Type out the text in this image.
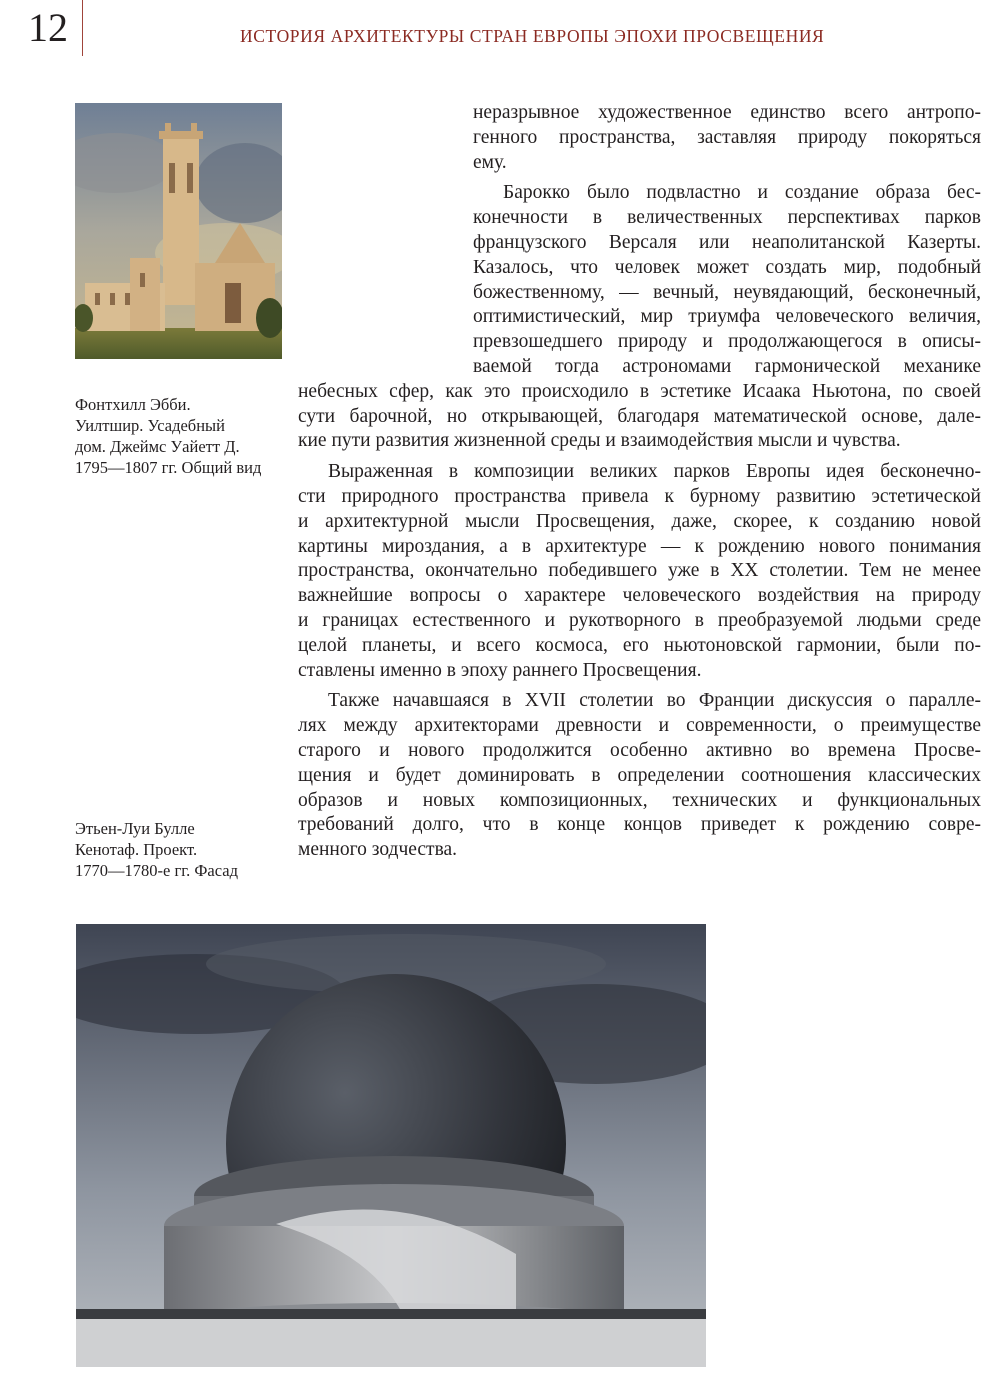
12	ИСТОРИЯ АРХИТЕКТУРЫ СТРАН ЕВРОПЫ ЭПОХИ ПРОСВЕЩЕНИЯ
Фонтхилл Эбби.
Уилтшир. Усадебный
дом. Джеймс Уайетт Д.
1795—1807 гг. Общий вид
Этьен-Луи Булле
Кенотаф. Проект.
1770—1780-е гг. Фасад

неразрывное художественное единство всего антропо-
генного пространства, заставляя природу покоряться
ему.

Барокко было подвластно и создание образа бес-
конечности в величественных перспективах парков
французского Версаля или неаполитанской Казерты.
Казалось, что человек может создать мир, подобный
божественному, — вечный, неувядающий, бесконечный,
оптимистический, мир триумфа человеческого величия,
превзошедшего природу и продолжающегося в описы-
ваемой тогда астрономами гармонической механике
небесных сфер, как это происходило в эстетике Исаака Ньютона, по своей
сути барочной, но открывающей, благодаря математической основе, дале-
кие пути развития жизненной среды и взаимодействия мысли и чувства.

Выраженная в композиции великих парков Европы идея бесконечно-
сти природного пространства привела к бурному развитию эстетической
и архитектурной мысли Просвещения, даже, скорее, к созданию новой
картины мироздания, а в архитектуре — к рождению нового понимания
пространства, окончательно победившего уже в XX столетии. Тем не менее
важнейшие вопросы о характере человеческого воздействия на природу
и границах естественного и рукотворного в преобразуемой людьми среде
целой планеты, и всего космоса, его ньютоновской гармонии, были по-
ставлены именно в эпоху раннего Просвещения.

Также начавшаяся в XVII столетии во Франции дискуссия о паралле-
лях между архитекторами древности и современности, о преимуществе
старого и нового продолжится особенно активно во времена Просве-
щения и будет доминировать в определении соотношения классических
образов и новых композиционных, технических и функциональных
требований долго, что в конце концов приведет к рождению совре-
менного зодчества.
